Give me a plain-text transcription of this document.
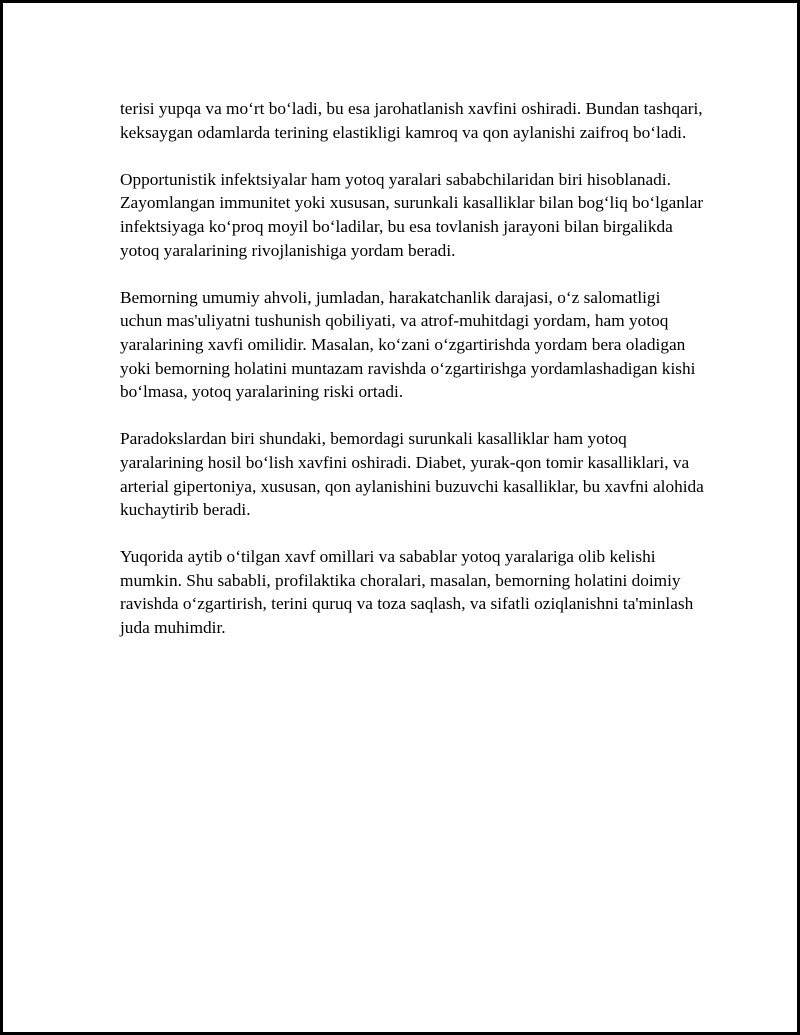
terisi yupqa va mo‘rt bo‘ladi, bu esa jarohatlanish xavfini oshiradi. Bundan tashqari, keksaygan odamlarda terining elastikligi kamroq va qon aylanishi zaifroq bo‘ladi.

Opportunistik infektsiyalar ham yotoq yaralari sababchilaridan biri hisoblanadi. Zayomlangan immunitet yoki xususan, surunkali kasalliklar bilan bog‘liq bo‘lganlar infektsiyaga ko‘proq moyil bo‘ladilar, bu esa tovlanish jarayoni bilan birgalikda yotoq yaralarining rivojlanishiga yordam beradi.

Bemorning umumiy ahvoli, jumladan, harakatchanlik darajasi, o‘z salomatligi uchun mas'uliyatni tushunish qobiliyati, va atrof-muhitdagi yordam, ham yotoq yaralarining xavfi omilidir. Masalan, ko‘zani o‘zgartirishda yordam bera oladigan yoki bemorning holatini muntazam ravishda o‘zgartirishga yordamlashadigan kishi bo‘lmasa, yotoq yaralarining riski ortadi.

Paradokslardan biri shundaki, bemordagi surunkali kasalliklar ham yotoq yaralarining hosil bo‘lish xavfini oshiradi. Diabet, yurak-qon tomir kasalliklari, va arterial gipertoniya, xususan, qon aylanishini buzuvchi kasalliklar, bu xavfni alohida kuchaytirib beradi.

Yuqorida aytib o‘tilgan xavf omillari va sabablar yotoq yaralariga olib kelishi mumkin. Shu sababli, profilaktika choralari, masalan, bemorning holatini doimiy ravishda o‘zgartirish, terini quruq va toza saqlash, va sifatli oziqlanishni ta'minlash juda muhimdir.
